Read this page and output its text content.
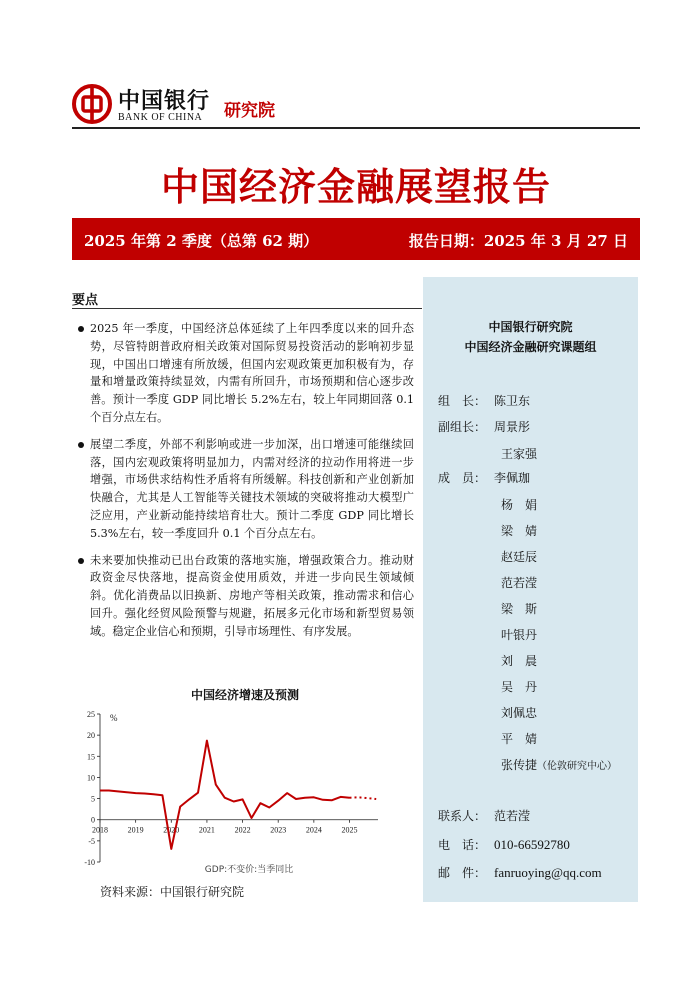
中国银行
BANK OF CHINA 研究院
中国经济金融展望报告
2025 年第 2 季度（总第 62 期）	报告日期：2025 年 3 月 27 日
要点
2025 年一季度，中国经济总体延续了上年四季度以来的回升态势，尽管特朗普政府相关政策对国际贸易投资活动的影响初步显现，中国出口增速有所放缓，但国内宏观政策更加积极有为，存量和增量政策持续显效，内需有所回升，市场预期和信心逐步改善。预计一季度 GDP 同比增长 5.2%左右，较上年同期回落 0.1 个百分点左右。
展望二季度，外部不利影响或进一步加深，出口增速可能继续回落，国内宏观政策将明显加力，内需对经济的拉动作用将进一步增强，市场供求结构性矛盾将有所缓解。科技创新和产业创新加快融合，尤其是人工智能等关键技术领域的突破将推动大模型广泛应用，产业新动能持续培育壮大。预计二季度 GDP 同比增长 5.3%左右，较一季度回升 0.1 个百分点左右。
未来要加快推动已出台政策的落地实施，增强政策合力。推动财政资金尽快落地，提高资金使用质效，并进一步向民生领域倾斜。优化消费品以旧换新、房地产等相关政策，推动需求和信心回升。强化经贸风险预警与规避，拓展多元化市场和新型贸易领域。稳定企业信心和预期，引导市场理性、有序发展。
中国经济增速及预测
-10
-5
0
5
10
15
20
25
2018 2019 2020 2021 2022 2023 2024 2025
%
GDP:不变价:当季同比
资料来源：中国银行研究院
中国银行研究院
中国经济金融研究课题组
组　长： 陈卫东
副组长： 周景彤
王家强
成　员： 李佩珈
杨　娟
梁　婧
赵廷辰
范若滢
梁　斯
叶银丹
刘　晨
吴　丹
刘佩忠
平　婧
张传捷（伦敦研究中心）
联系人： 范若滢
电　话： 010-66592780
邮　件： fanruoying@qq.com
